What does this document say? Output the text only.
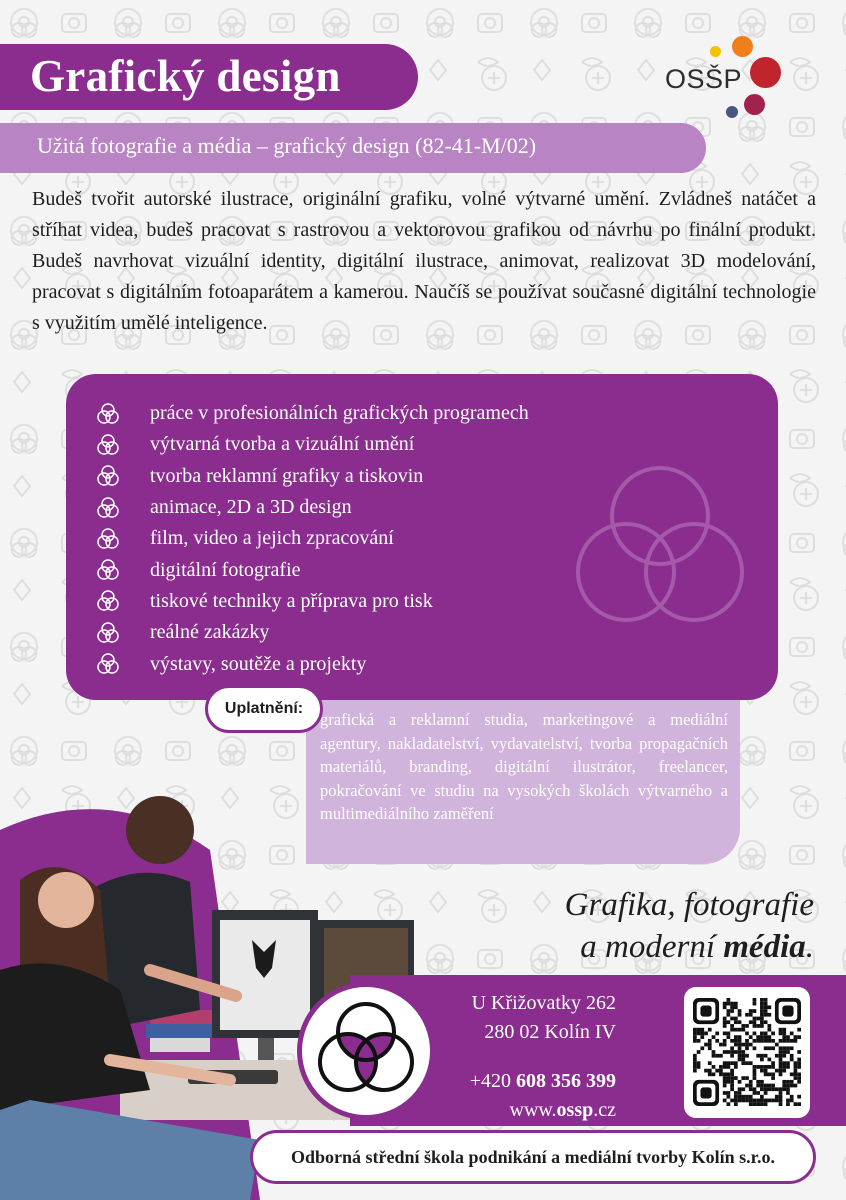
Grafický design
Užitá fotografie a média – grafický design (82-41-M/02)
OSŠP

Budeš tvořit autorské ilustrace, originální grafiku, volné výtvarné umění. Zvládneš natáčet a stříhat videa, budeš pracovat s rastrovou a vektorovou grafikou od návrhu po finální produkt. Budeš navrhovat vizuální identity, digitální ilustrace, animovat, realizovat 3D modelování, pracovat s digitálním fotoaparátem a kamerou. Naučíš se používat současné digitální technologie s využitím umělé inteligence.

práce v profesionálních grafických programech
výtvarná tvorba a vizuální umění
tvorba reklamní grafiky a tiskovin
animace, 2D a 3D design
film, video a jejich zpracování
digitální fotografie
tiskové techniky a příprava pro tisk
reálné zakázky
výstavy, soutěže a projekty

grafická a reklamní studia, marketingové a mediální agentury, nakladatelství, vydavatelství, tvorba propagačních materiálů, branding, digitální ilustrátor, freelancer, pokračování ve studiu na vysokých školách výtvarného a multimediálního zaměření

Uplatnění:
Grafika, fotografie
a moderní média.
U Křižovatky 262
280 02 Kolín IV
+420 608 356 399
www.ossp.cz
Odborná střední škola podnikání a mediální tvorby Kolín s.r.o.
